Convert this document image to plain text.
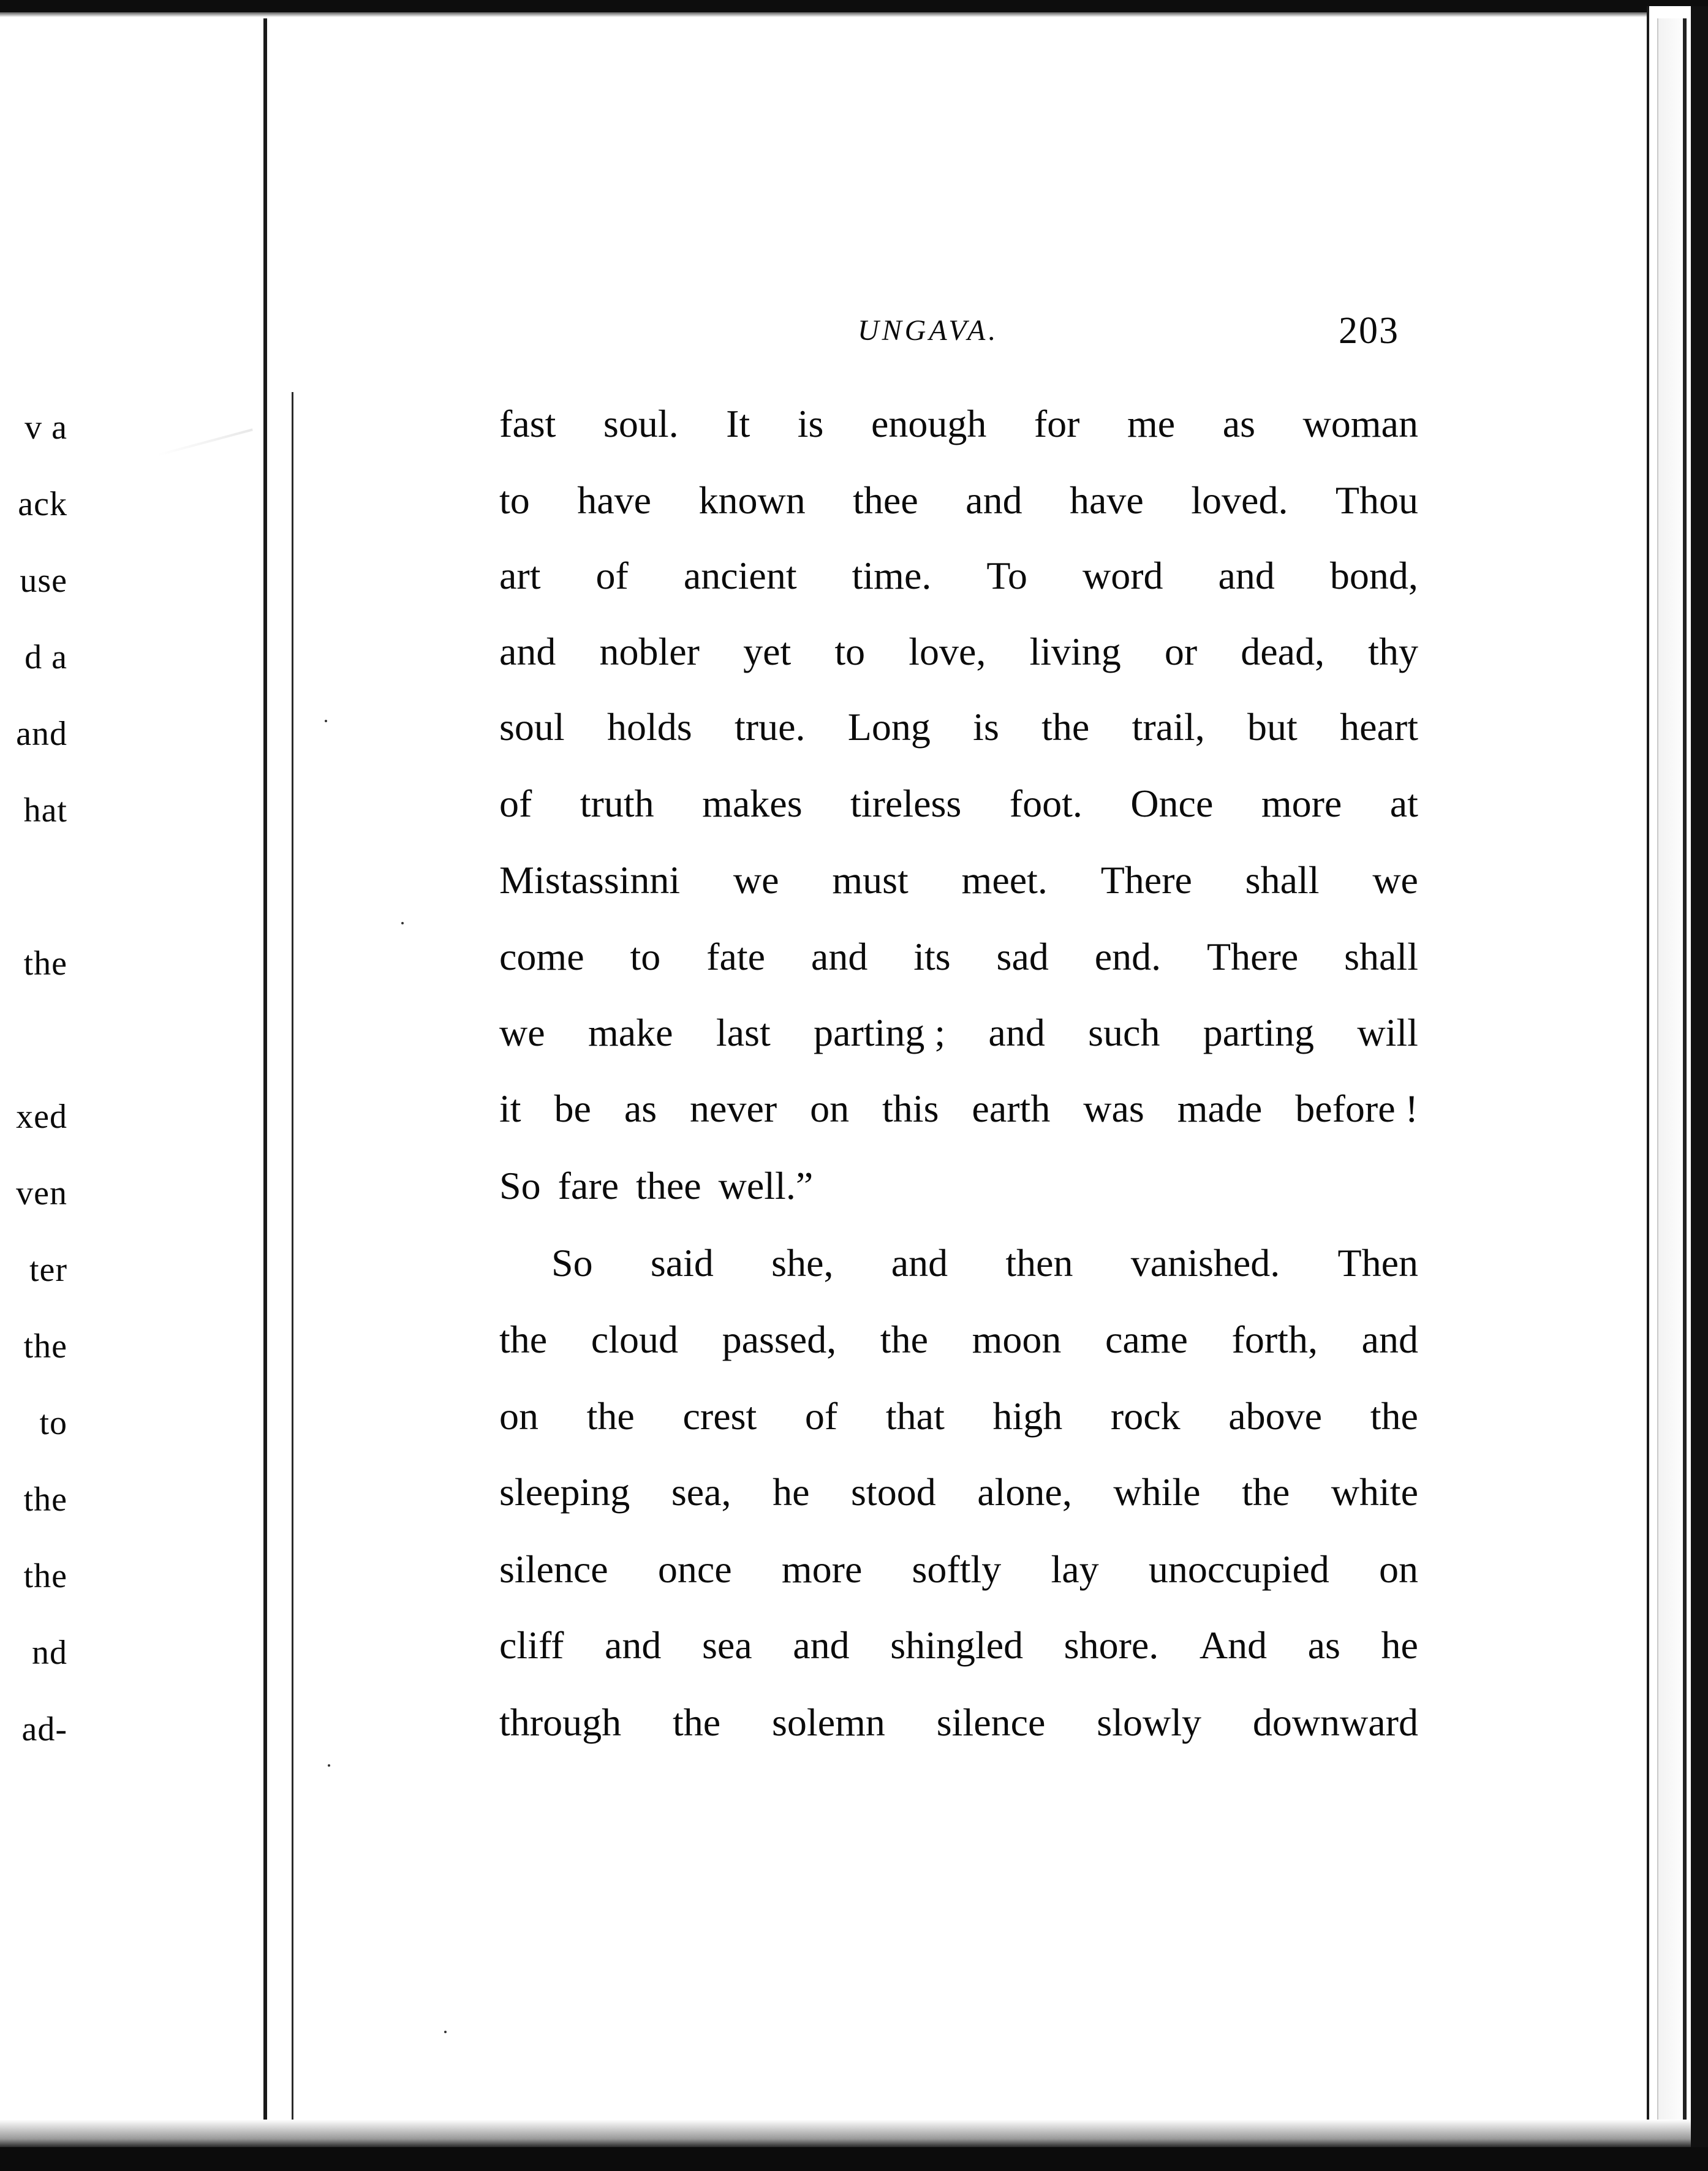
v a
ack
use
d a
and
hat
the
xed
ven
ter
the
to
the
the
nd
ad-
UNGAVA.	203
fast soul. It is enough for me as woman
to have known thee and have loved. Thou
art of ancient time. To word and bond,
and nobler yet to love, living or dead, thy
soul holds true. Long is the trail, but heart
of truth makes tireless foot. Once more at
Mistassinni we must meet. There shall we
come to fate and its sad end. There shall
we make last parting ; and such parting will
it be as never on this earth was made before !
So fare thee well.”
So said she, and then vanished. Then
the cloud passed, the moon came forth, and
on the crest of that high rock above the
sleeping sea, he stood alone, while the white
silence once more softly lay unoccupied on
cliff and sea and shingled shore. And as he
through the solemn silence slowly downward
